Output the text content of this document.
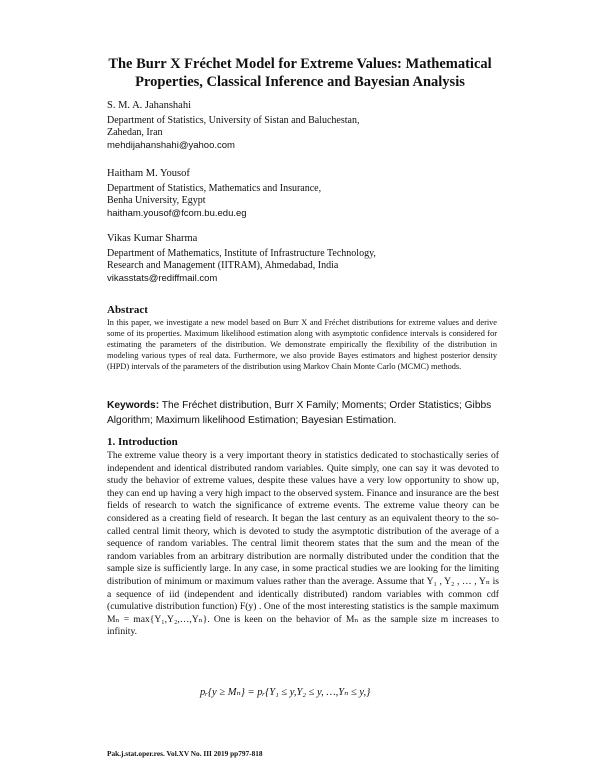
The Burr X Fréchet Model for Extreme Values: Mathematical
Properties, Classical Inference and Bayesian Analysis
S. M. A. Jahanshahi
Department of Statistics, University of Sistan and Baluchestan,
Zahedan, Iran
mehdijahanshahi@yahoo.com
Haitham M. Yousof
Department of Statistics, Mathematics and Insurance,
Benha University, Egypt
haitham.yousof@fcom.bu.edu.eg
Vikas Kumar Sharma
Department of Mathematics, Institute of Infrastructure Technology,
Research and Management (IITRAM), Ahmedabad, India
vikasstats@rediffmail.com
Abstract
In this paper, we investigate a new model based on Burr X and Fréchet distributions for extreme values and derive some of its properties. Maximum likelihood estimation along with asymptotic confidence intervals is considered for estimating the parameters of the distribution. We demonstrate empirically the flexibility of the distribution in modeling various types of real data. Furthermore, we also provide Bayes estimators and highest posterior density (HPD) intervals of the parameters of the distribution using Markov Chain Monte Carlo (MCMC) methods.
Keywords: The Fréchet distribution, Burr X Family; Moments; Order Statistics; Gibbs Algorithm; Maximum likelihood Estimation; Bayesian Estimation.
1. Introduction

The extreme value theory is a very important theory in statistics dedicated to stochastically series of independent and identical distributed random variables. Quite simply, one can say it was devoted to study the behavior of extreme values, despite these values have a very low opportunity to show up, they can end up having a very high impact to the observed system. Finance and insurance are the best fields of research to watch the significance of extreme events. The extreme value theory can be considered as a creating field of research. It began the last century as an equivalent theory to the so-called central limit theory, which is devoted to study the asymptotic distribution of the average of a sequence of random variables. The central limit theorem states that the sum and the mean of the random variables from an arbitrary distribution are normally distributed under the condition that the sample size is sufficiently large. In any case, in some practical studies we are looking for the limiting distribution of minimum or maximum values rather than the average. Assume that Y₁ , Y₂ , … , Yₙ is a sequence of iid (independent and identically distributed) random variables with common cdf (cumulative distribution function) F(y) . One of the most interesting statistics is the sample maximum Mₙ = max{Y₁,Y₂,…,Yₙ}. One is keen on the behavior of Mₙ as the sample size m increases to infinity.

pᵣ{y ≥ Mₙ} = pᵣ{Y₁ ≤ y,Y₂ ≤ y, …,Yₙ ≤ y,}
Pak.j.stat.oper.res. Vol.XV No. III 2019 pp797-818
